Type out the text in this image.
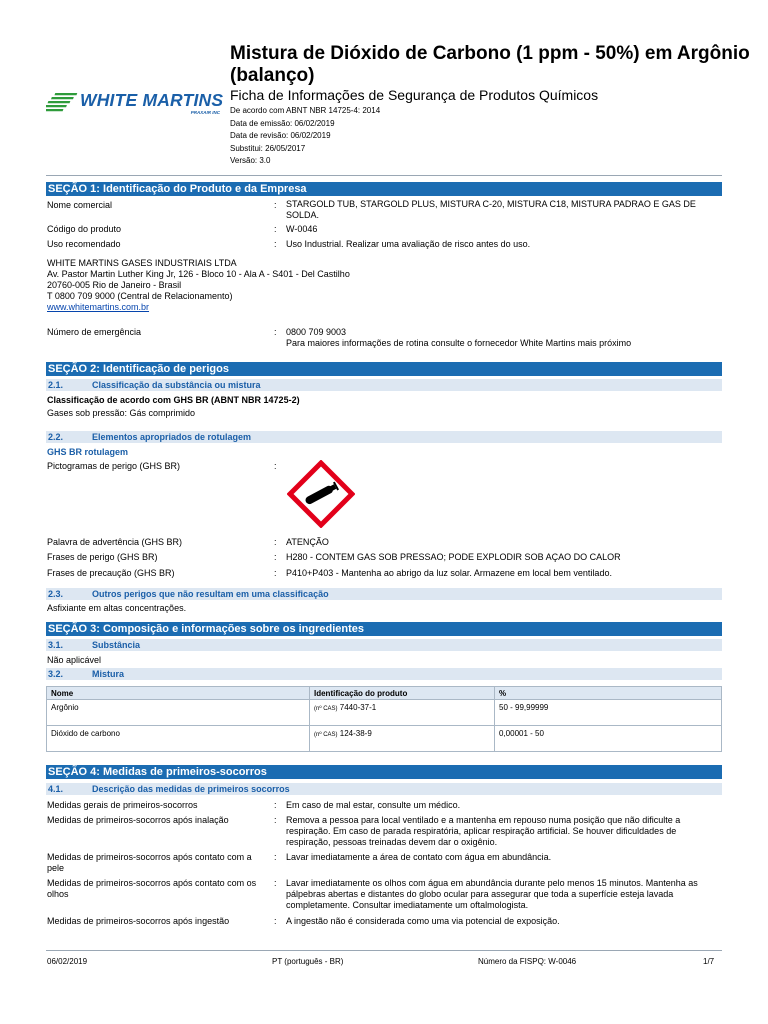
WHITE MARTINS
PRAXAIR INC
Mistura de Dióxido de Carbono (1 ppm - 50%) em Argônio (balanço)
Ficha de Informações de Segurança de Produtos Químicos
De acordo com ABNT NBR 14725-4: 2014
Data de emissão: 06/02/2019
Data de revisão: 06/02/2019
Substitui: 26/05/2017
Versão: 3.0
SEÇÃO 1: Identificação do Produto e da Empresa
Nome comercial	: STARGOLD TUB, STARGOLD PLUS, MISTURA C-20, MISTURA C18, MISTURA PADRAO E GAS DE SOLDA.
Código do produto	: W-0046
Uso recomendado	: Uso Industrial. Realizar uma avaliação de risco antes do uso.
WHITE MARTINS GASES INDUSTRIAIS LTDA
Av. Pastor Martin Luther King Jr, 126 - Bloco 10 - Ala A - S401 - Del Castilho
20760-005 Rio de Janeiro - Brasil
T 0800 709 9000 (Central de Relacionamento)
www.whitemartins.com.br
Número de emergência	: 0800 709 9003
Para maiores informações de rotina consulte o fornecedor White Martins mais próximo
SEÇÃO 2: Identificação de perigos
2.1.	Classificação da substância ou mistura
Classificação de acordo com GHS BR (ABNT NBR 14725-2)
Gases sob pressão: Gás comprimido
2.2.	Elementos apropriados de rotulagem
GHS BR rotulagem
Pictogramas de perigo (GHS BR)	:
Palavra de advertência (GHS BR)	: ATENÇÃO
Frases de perigo (GHS BR)	: H280 - CONTEM GAS SOB PRESSAO; PODE EXPLODIR SOB AÇAO DO CALOR
Frases de precaução (GHS BR)	: P410+P403 - Mantenha ao abrigo da luz solar. Armazene em local bem ventilado.
2.3.	Outros perigos que não resultam em uma classificação
Asfixiante em altas concentrações.
SEÇÃO 3: Composição e informações sobre os ingredientes
3.1.	Substância
Não aplicável
3.2.	Mistura
Nome	Identificação do produto	%
Argônio	(nº CAS) 7440-37-1	50 - 99,99999
Dióxido de carbono	(nº CAS) 124-38-9	0,00001 - 50
SEÇÃO 4: Medidas de primeiros-socorros
4.1.	Descrição das medidas de primeiros socorros
Medidas gerais de primeiros-socorros	: Em caso de mal estar, consulte um médico.
Medidas de primeiros-socorros após inalação	: Remova a pessoa para local ventilado e a mantenha em repouso numa posição que não dificulte a respiração. Em caso de parada respiratória, aplicar respiração artificial. Se houver dificuldades de respiração, pessoas treinadas devem dar o oxigênio.
Medidas de primeiros-socorros após contato com a pele
: Lavar imediatamente a área de contato com água em abundância.
Medidas de primeiros-socorros após contato com os olhos
: Lavar imediatamente os olhos com água em abundância durante pelo menos 15 minutos. Mantenha as pálpebras abertas e distantes do globo ocular para assegurar que toda a superfície esteja lavada completamente. Consultar imediatamente um oftalmologista.
Medidas de primeiros-socorros após ingestão	: A ingestão não é considerada como uma via potencial de exposição.
06/02/2019	PT (português - BR)	Número da FISPQ: W-0046	1/7
